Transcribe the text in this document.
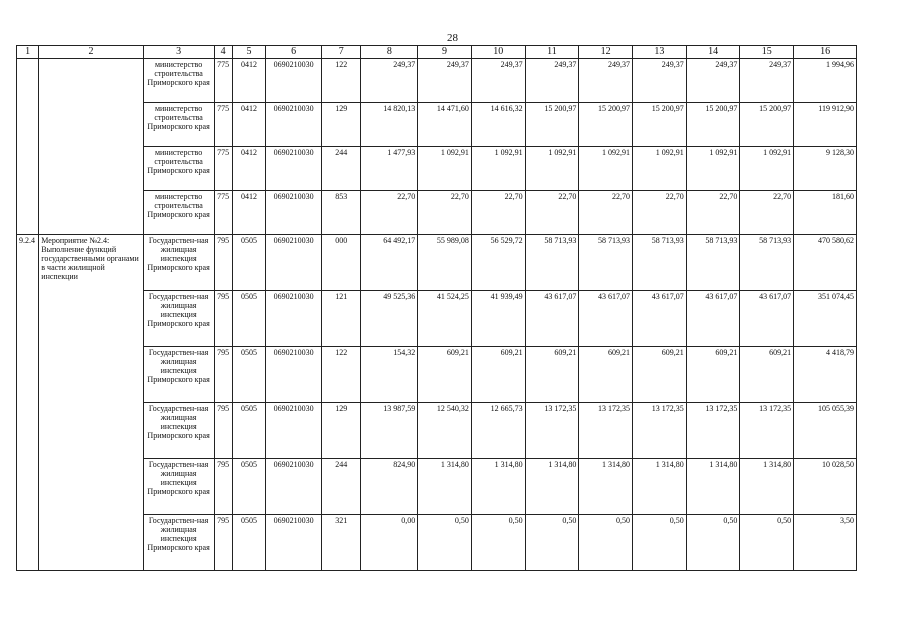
28
1	2	3	4	5	6	7	8	9	10	11	12	13	14	15	16
		министерство строительства Приморского края	775	0412	0690210030	122	249,37	249,37	249,37	249,37	249,37	249,37	249,37	249,37	1 994,96
		министерство строительства Приморского края	775	0412	0690210030	129	14 820,13	14 471,60	14 616,32	15 200,97	15 200,97	15 200,97	15 200,97	15 200,97	119 912,90
		министерство строительства Приморского края	775	0412	0690210030	244	1 477,93	1 092,91	1 092,91	1 092,91	1 092,91	1 092,91	1 092,91	1 092,91	9 128,30
		министерство строительства Приморского края	775	0412	0690210030	853	22,70	22,70	22,70	22,70	22,70	22,70	22,70	22,70	181,60
9.2.4	Мероприятие №2.4: Выполнение функций государственными органами в части жилищной инспекции	Государствен-ная жилищная инспекция Приморского края	795	0505	0690210030	000	64 492,17	55 989,08	56 529,72	58 713,93	58 713,93	58 713,93	58 713,93	58 713,93	470 580,62
		Государствен-ная жилищная инспекция Приморского края	795	0505	0690210030	121	49 525,36	41 524,25	41 939,49	43 617,07	43 617,07	43 617,07	43 617,07	43 617,07	351 074,45
		Государствен-ная жилищная инспекция Приморского края	795	0505	0690210030	122	154,32	609,21	609,21	609,21	609,21	609,21	609,21	609,21	4 418,79
		Государствен-ная жилищная инспекция Приморского края	795	0505	0690210030	129	13 987,59	12 540,32	12 665,73	13 172,35	13 172,35	13 172,35	13 172,35	13 172,35	105 055,39
		Государствен-ная жилищная инспекция Приморского края	795	0505	0690210030	244	824,90	1 314,80	1 314,80	1 314,80	1 314,80	1 314,80	1 314,80	1 314,80	10 028,50
		Государствен-ная жилищная инспекция Приморского края	795	0505	0690210030	321	0,00	0,50	0,50	0,50	0,50	0,50	0,50	0,50	3,50
